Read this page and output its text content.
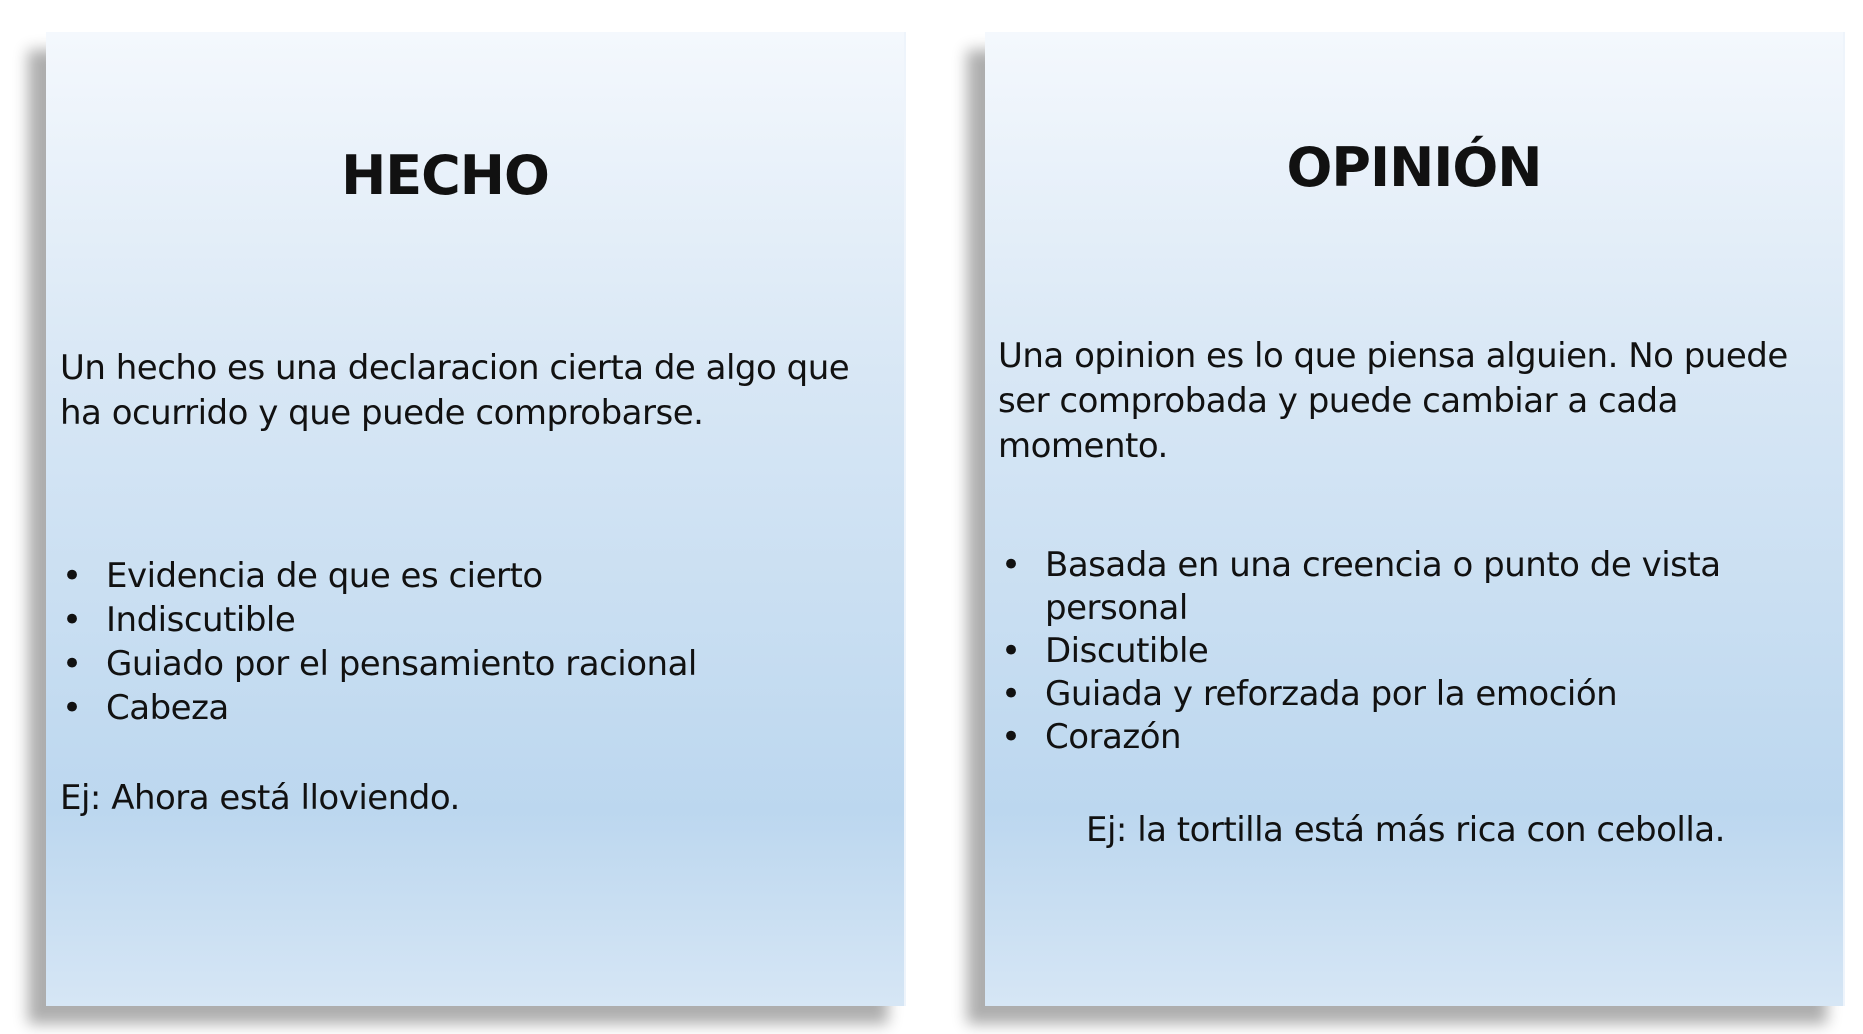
HECHO

Un hecho es una declaracion cierta de algo que ha ocurrido y que puede comprobarse.

• Evidencia de que es cierto
• Indiscutible
• Guiado por el pensamiento racional
• Cabeza

Ej: Ahora está lloviendo.

OPINIÓN

Una opinion es lo que piensa alguien. No puede ser comprobada y puede cambiar a cada momento.

• Basada en una creencia o punto de vista personal
• Discutible
• Guiada y reforzada por la emoción
• Corazón

Ej: la tortilla está más rica con cebolla.
